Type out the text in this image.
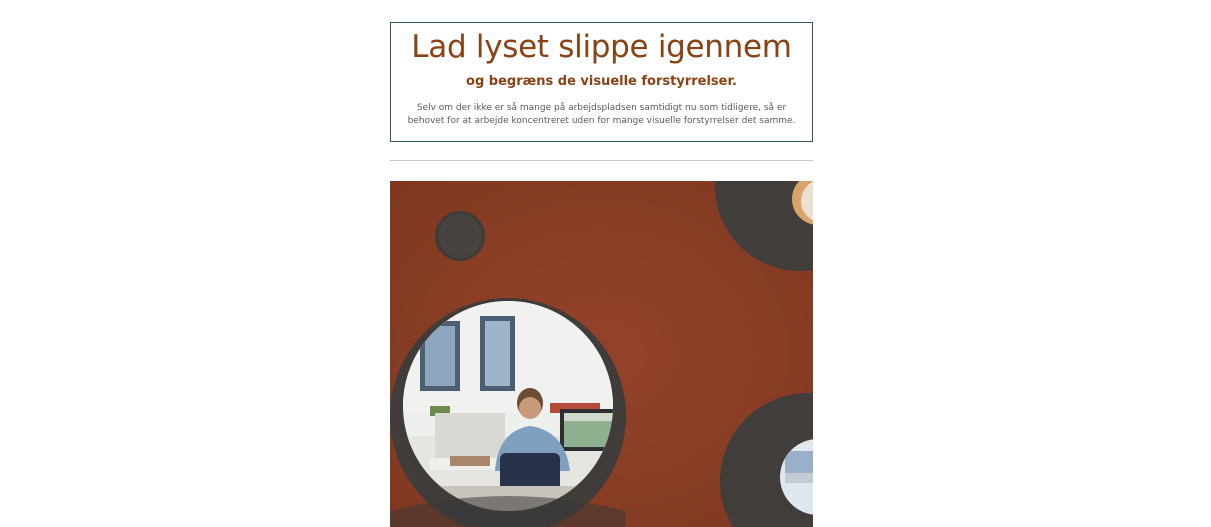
Lad lyset slippe igennem
og begræns de visuelle forstyrrelser.
Selv om der ikke er så mange på arbejdspladsen samtidigt nu som tidligere, så er behovet for at arbejde koncentreret uden for mange visuelle forstyrrelser det samme.
